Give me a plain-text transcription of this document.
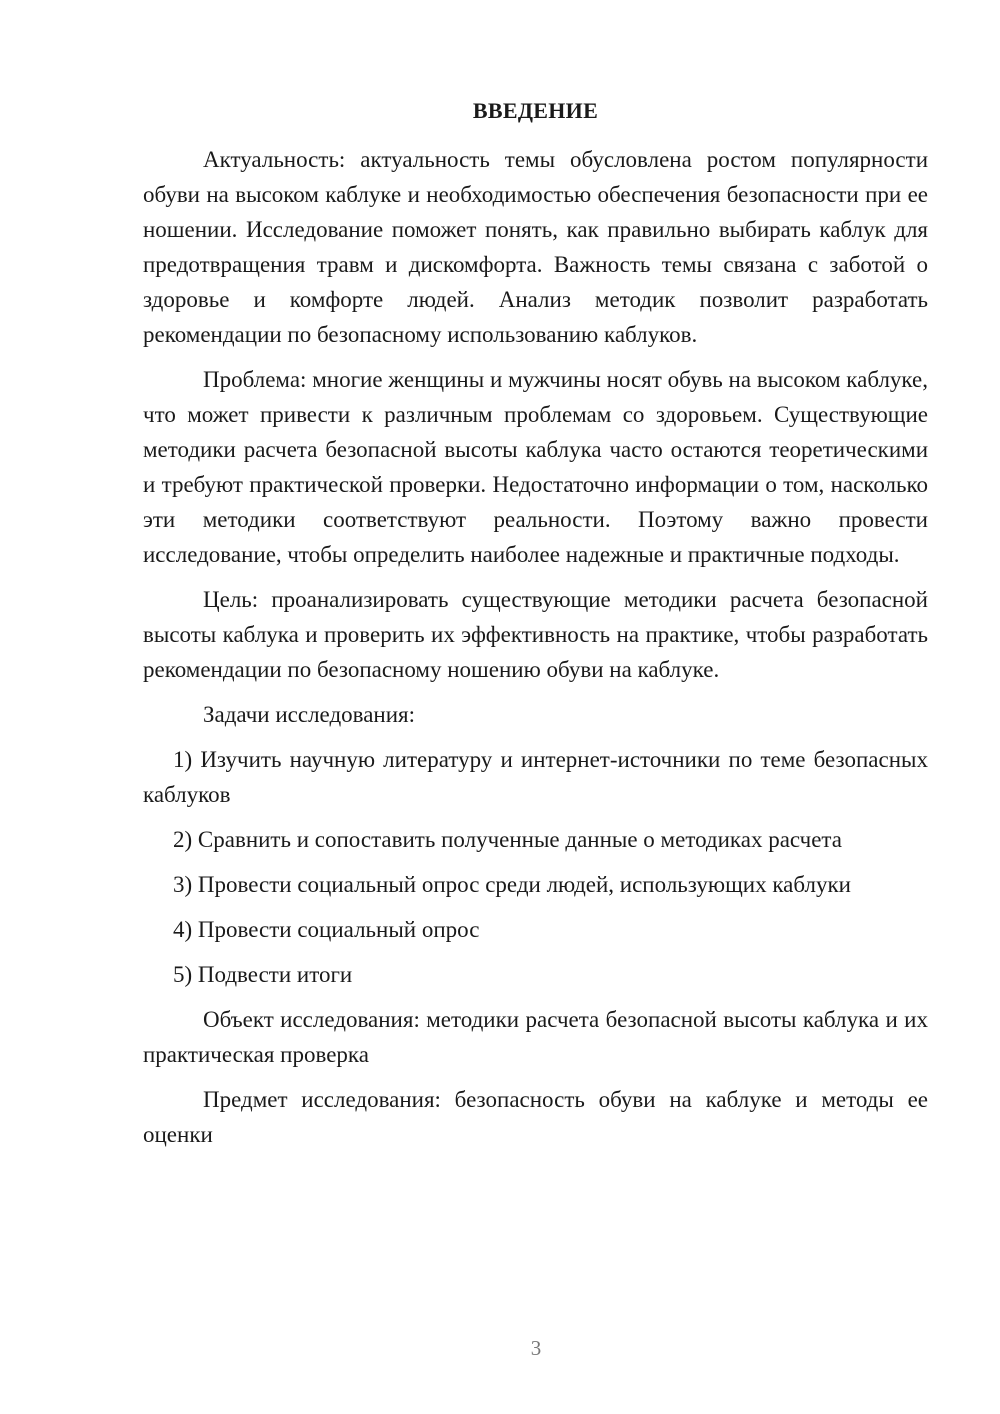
ВВЕДЕНИЕ

Актуальность: актуальность темы обусловлена ростом популярности обуви на высоком каблуке и необходимостью обеспечения безопасности при ее ношении. Исследование поможет понять, как правильно выбирать каблук для предотвращения травм и дискомфорта. Важность темы связана с заботой о здоровье и комфорте людей. Анализ методик позволит разработать рекомендации по безопасному использованию каблуков.

Проблема: многие женщины и мужчины носят обувь на высоком каблуке, что может привести к различным проблемам со здоровьем. Существующие методики расчета безопасной высоты каблука часто остаются теоретическими и требуют практической проверки. Недостаточно информации о том, насколько эти методики соответствуют реальности. Поэтому важно провести исследование, чтобы определить наиболее надежные и практичные подходы.

Цель: проанализировать существующие методики расчета безопасной высоты каблука и проверить их эффективность на практике, чтобы разработать рекомендации по безопасному ношению обуви на каблуке.

Задачи исследования:

1) Изучить научную литературу и интернет-источники по теме безопасных каблуков

2) Сравнить и сопоставить полученные данные о методиках расчета

3) Провести социальный опрос среди людей, использующих каблуки

4) Провести социальный опрос

5) Подвести итоги

Объект исследования: методики расчета безопасной высоты каблука и их практическая проверка

Предмет исследования: безопасность обуви на каблуке и методы ее оценки

3
